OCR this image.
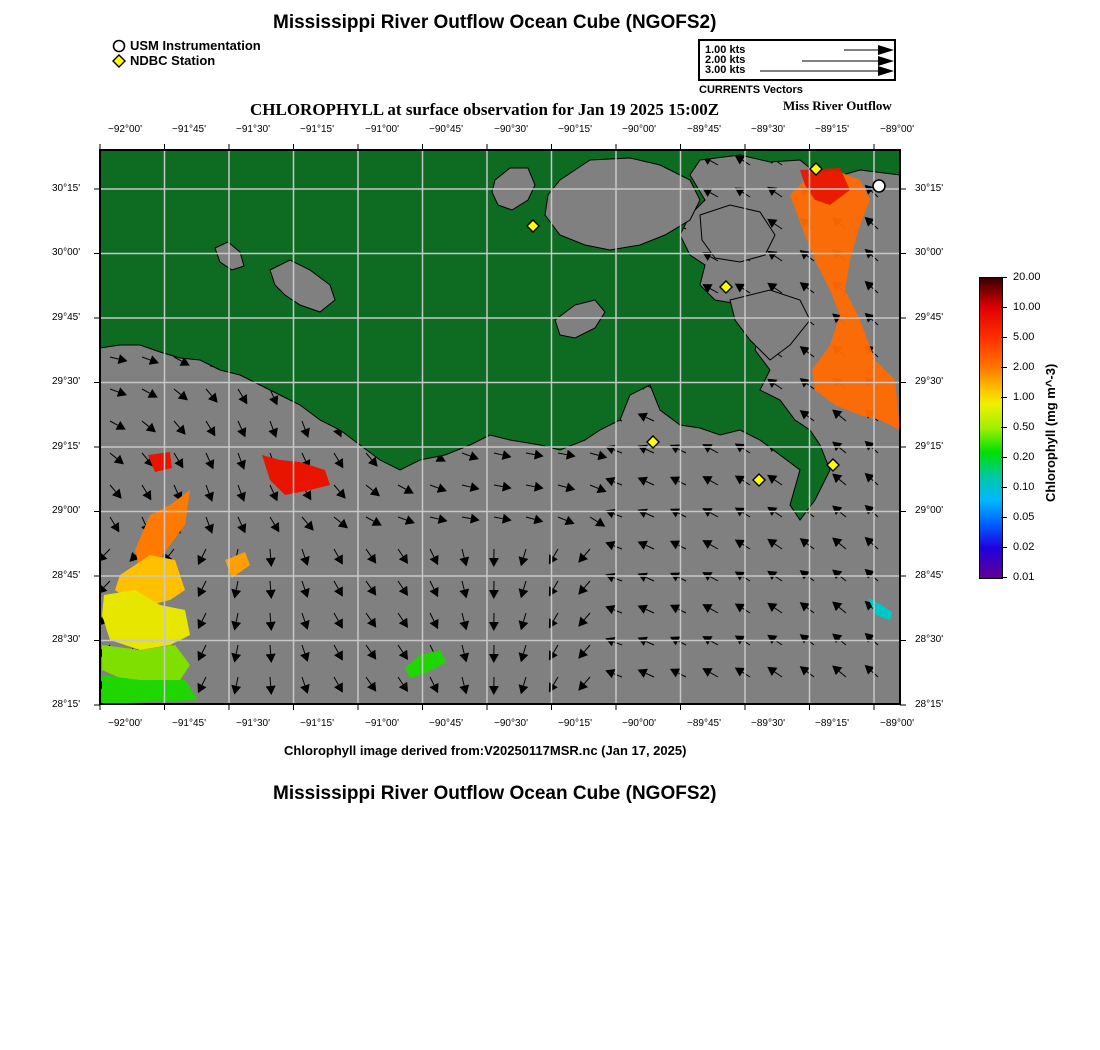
Mississippi River Outflow Ocean Cube (NGOFS2)
USM Instrumentation
NDBC Station
1.00 kts
2.00 kts
3.00 kts
CURRENTS Vectors
CHLOROPHYLL at surface observation for Jan 19 2025 15:00Z	Miss River Outflow
−92°00'	−91°45'	−91°30'	−91°15'	−91°00'	−90°45'	−90°30'	−90°15'	−90°00'	−89°45'	−89°30'	−89°15'	−89°00'
−92°00'	−91°45'	−91°30'	−91°15'	−91°00'	−90°45'	−90°30'	−90°15'	−90°00'	−89°45'	−89°30'	−89°15'	−89°00'
30°15'
30°00'
29°45'
29°30'
29°15'
29°00'
28°45'
28°30'
28°15'
30°15'
30°00'
29°45'
29°30'
29°15'
29°00'
28°45'
28°30'
28°15'
20.00
10.00
5.00
2.00
1.00
0.50
0.20
0.10
0.05
0.02
0.01
Chlorophyll (mg m^-3)
Chlorophyll image derived from:V20250117MSR.nc (Jan 17, 2025)
Mississippi River Outflow Ocean Cube (NGOFS2)
